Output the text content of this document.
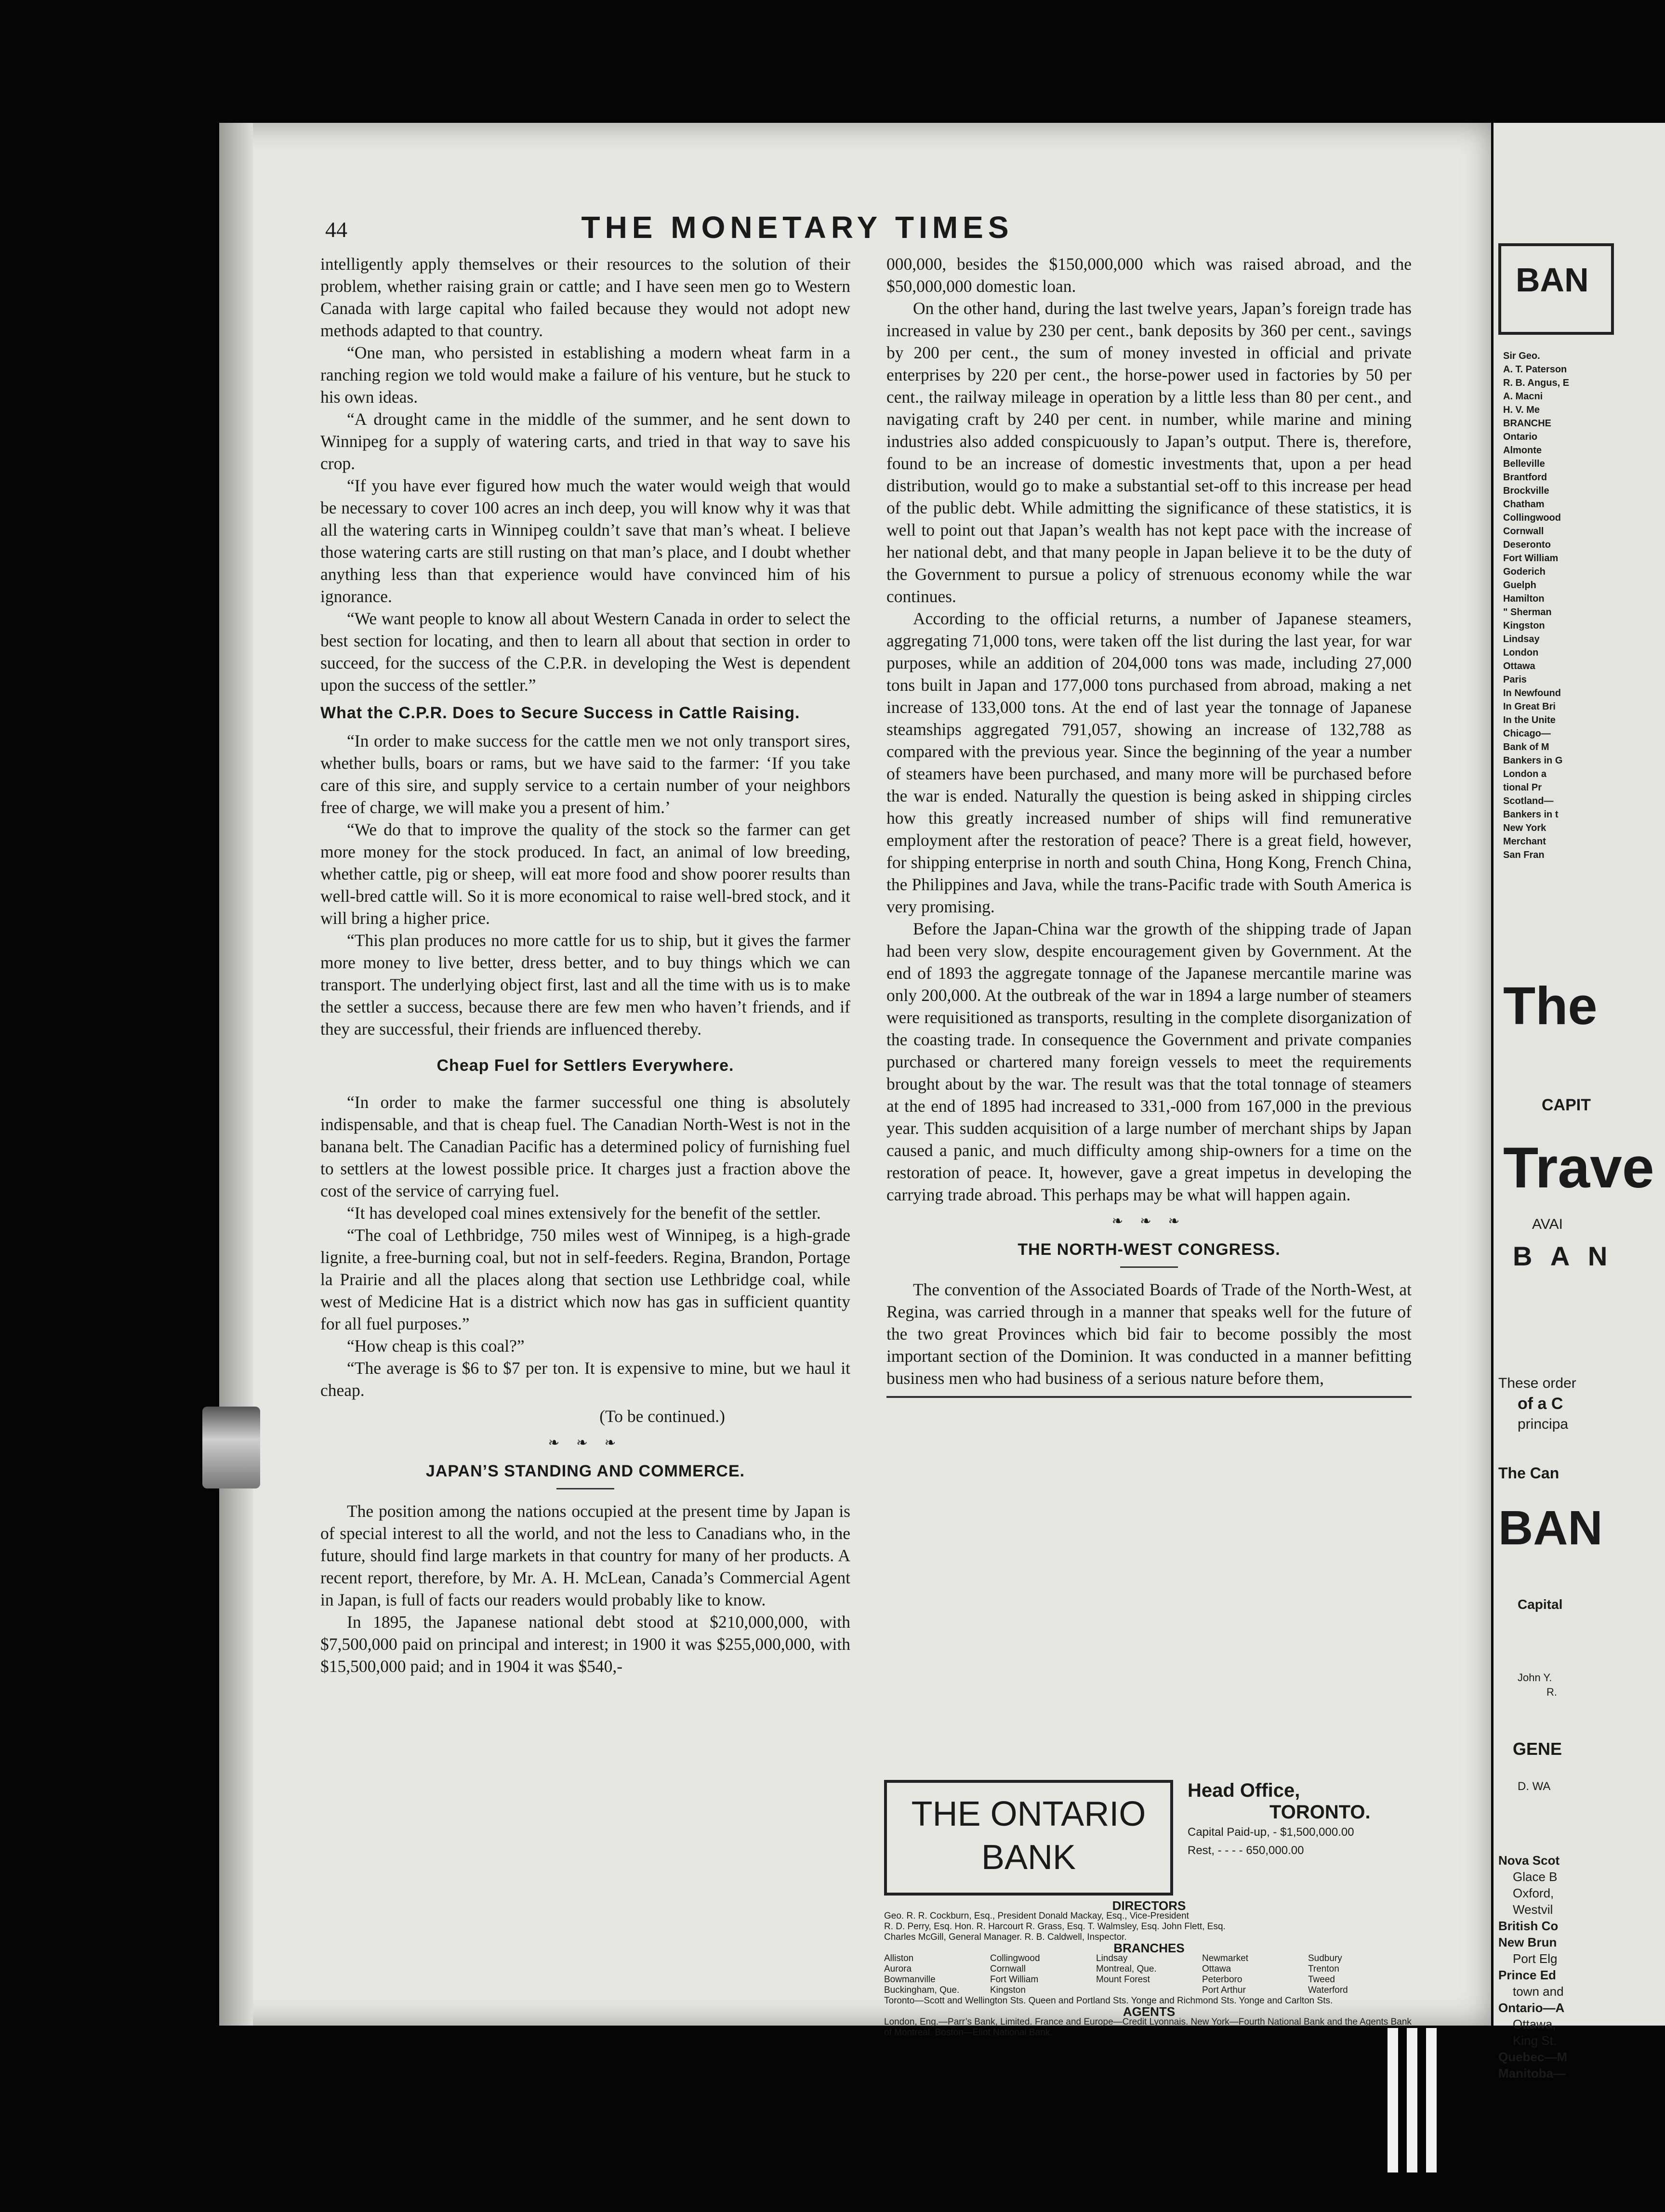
44	THE MONETARY TIMES

intelligently apply themselves or their resources to the solution of their problem, whether raising grain or cattle; and I have seen men go to Western Canada with large capital who failed because they would not adopt new methods adapted to that country.

“One man, who persisted in establishing a modern wheat farm in a ranching region we told would make a failure of his venture, but he stuck to his own ideas.

“A drought came in the middle of the summer, and he sent down to Winnipeg for a supply of watering carts, and tried in that way to save his crop.

“If you have ever figured how much the water would weigh that would be necessary to cover 100 acres an inch deep, you will know why it was that all the watering carts in Winnipeg couldn’t save that man’s wheat. I believe those watering carts are still rusting on that man’s place, and I doubt whether anything less than that experience would have convinced him of his ignorance.

“We want people to know all about Western Canada in order to select the best section for locating, and then to learn all about that section in order to succeed, for the success of the C.P.R. in developing the West is dependent upon the success of the settler.”

What the C.P.R. Does to Secure Success in Cattle Raising.

“In order to make success for the cattle men we not only transport sires, whether bulls, boars or rams, but we have said to the farmer: ‘If you take care of this sire, and supply service to a certain number of your neighbors free of charge, we will make you a present of him.’

“We do that to improve the quality of the stock so the farmer can get more money for the stock produced. In fact, an animal of low breeding, whether cattle, pig or sheep, will eat more food and show poorer results than well-bred cattle will. So it is more economical to raise well-bred stock, and it will bring a higher price.

“This plan produces no more cattle for us to ship, but it gives the farmer more money to live better, dress better, and to buy things which we can transport. The underlying object first, last and all the time with us is to make the settler a success, because there are few men who haven’t friends, and if they are successful, their friends are influenced thereby.

Cheap Fuel for Settlers Everywhere.

“In order to make the farmer successful one thing is absolutely indispensable, and that is cheap fuel. The Canadian North-West is not in the banana belt. The Canadian Pacific has a determined policy of furnishing fuel to settlers at the lowest possible price. It charges just a fraction above the cost of the service of carrying fuel.

“It has developed coal mines extensively for the benefit of the settler.

“The coal of Lethbridge, 750 miles west of Winnipeg, is a high-grade lignite, a free-burning coal, but not in self-feeders. Regina, Brandon, Portage la Prairie and all the places along that section use Lethbridge coal, while west of Medicine Hat is a district which now has gas in sufficient quantity for all fuel purposes.”

“How cheap is this coal?”

“The average is $6 to $7 per ton. It is expensive to mine, but we haul it cheap.

(To be continued.)
❧ ❧ ❧
JAPAN’S STANDING AND COMMERCE.

The position among the nations occupied at the present time by Japan is of special interest to all the world, and not the less to Canadians who, in the future, should find large markets in that country for many of her products. A recent report, therefore, by Mr. A. H. McLean, Canada’s Commercial Agent in Japan, is full of facts our readers would probably like to know.

In 1895, the Japanese national debt stood at $210,000,000, with $7,500,000 paid on principal and interest; in 1900 it was $255,000,000, with $15,500,000 paid; and in 1904 it was $540,-

000,000, besides the $150,000,000 which was raised abroad, and the $50,000,000 domestic loan.

On the other hand, during the last twelve years, Japan’s foreign trade has increased in value by 230 per cent., bank deposits by 360 per cent., savings by 200 per cent., the sum of money invested in official and private enterprises by 220 per cent., the horse-power used in factories by 50 per cent., the railway mileage in operation by a little less than 80 per cent., and navigating craft by 240 per cent. in number, while marine and mining industries also added conspicuously to Japan’s output. There is, therefore, found to be an increase of domestic investments that, upon a per head distribution, would go to make a substantial set-off to this increase per head of the public debt. While admitting the significance of these statistics, it is well to point out that Japan’s wealth has not kept pace with the increase of her national debt, and that many people in Japan believe it to be the duty of the Government to pursue a policy of strenuous economy while the war continues.

According to the official returns, a number of Japanese steamers, aggregating 71,000 tons, were taken off the list during the last year, for war purposes, while an addition of 204,000 tons was made, including 27,000 tons built in Japan and 177,000 tons purchased from abroad, making a net increase of 133,000 tons. At the end of last year the tonnage of Japanese steamships aggregated 791,057, showing an increase of 132,788 as compared with the previous year. Since the beginning of the year a number of steamers have been purchased, and many more will be purchased before the war is ended. Naturally the question is being asked in shipping circles how this greatly increased number of ships will find remunerative employment after the restoration of peace? There is a great field, however, for shipping enterprise in north and south China, Hong Kong, French China, the Philippines and Java, while the trans-Pacific trade with South America is very promising.

Before the Japan-China war the growth of the shipping trade of Japan had been very slow, despite encouragement given by Government. At the end of 1893 the aggregate tonnage of the Japanese mercantile marine was only 200,000. At the outbreak of the war in 1894 a large number of steamers were requisitioned as transports, resulting in the complete disorganization of the coasting trade. In consequence the Government and private companies purchased or chartered many foreign vessels to meet the requirements brought about by the war. The result was that the total tonnage of steamers at the end of 1895 had increased to 331,-000 from 167,000 in the previous year. This sudden acquisition of a large number of merchant ships by Japan caused a panic, and much difficulty among ship-owners for a time on the restoration of peace. It, however, gave a great impetus in developing the carrying trade abroad. This perhaps may be what will happen again.

❧ ❧ ❧
THE NORTH-WEST CONGRESS.

The convention of the Associated Boards of Trade of the North-West, at Regina, was carried through in a manner that speaks well for the future of the two great Provinces which bid fair to become possibly the most important section of the Dominion. It was conducted in a manner befitting business men who had business of a serious nature before them,

THE ONTARIO
BANK
Head Office,
TORONTO.
Capital Paid-up, - $1,500,000.00
Rest, - - - - 650,000.00
DIRECTORS
Geo. R. R. Cockburn, Esq., President Donald Mackay, Esq., Vice-President
R. D. Perry, Esq. Hon. R. Harcourt R. Grass, Esq. T. Walmsley, Esq. John Flett, Esq.
Charles McGill, General Manager. R. B. Caldwell, Inspector.
BRANCHES
Alliston	Collingwood	Lindsay	Newmarket	Sudbury
Aurora	Cornwall	Montreal, Que.	Ottawa	Trenton
Bowmanville	Fort William	Mount Forest	Peterboro	Tweed
Buckingham, Que.	Kingston	Port Arthur	Waterford
Toronto—Scott and Wellington Sts. Queen and Portland Sts. Yonge and Richmond Sts. Yonge and Carlton Sts.
AGENTS
London, Eng.—Parr’s Bank, Limited. France and Europe—Credit Lyonnais. New York—Fourth National Bank and the Agents Bank of Montreal. Boston—Eliot National Bank.
BAN
Sir Geo.
A. T. Paterson
R. B. Angus, E
A. Macni
H. V. Me
BRANCHE
Ontario
Almonte
Belleville
Brantford
Brockville
Chatham
Collingwood
Cornwall
Deseronto
Fort William
Goderich
Guelph
Hamilton
" Sherman
Kingston
Lindsay
London
Ottawa
Paris
In Newfound
In Great Bri
In the Unite
Chicago—
Bank of M
Bankers in G
London a
tional Pr
Scotland—
Bankers in t
New York
Merchant
San Fran
The
CAPIT
Trave
AVAI
B A N
These order
of a C
principa
The Can
BAN
Capital
John Y.
R.
GENE
D. WA
Nova Scot
Glace B
Oxford,
Westvil
British Co
New Brun
Port Elg
Prince Ed
town and
Ontario—A
Ottawa,
King St.
Quebec—M
Manitoba—
